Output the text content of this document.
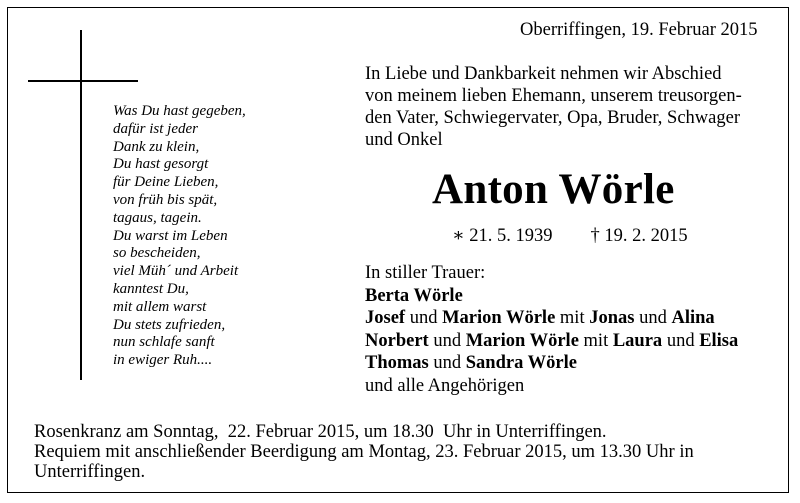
Was Du hast gegeben,
dafür ist jeder
Dank zu klein,
Du hast gesorgt
für Deine Lieben,
von früh bis spät,
tagaus, tagein.
Du warst im Leben
so bescheiden,
viel Müh´ und Arbeit
kanntest Du,
mit allem warst
Du stets zufrieden,
nun schlafe sanft
in ewiger Ruh....
Oberriffingen, 19. Februar 2015
In Liebe und Dankbarkeit nehmen wir Abschied
von meinem lieben Ehemann, unserem treusorgen-
den Vater, Schwiegervater, Opa, Bruder, Schwager
und Onkel
Anton Wörle
∗ 21. 5. 1939 † 19. 2. 2015
In stiller Trauer:
Berta Wörle
Josef und Marion Wörle mit Jonas und Alina
Norbert und Marion Wörle mit Laura und Elisa
Thomas und Sandra Wörle
und alle Angehörigen
Rosenkranz am Sonntag,  22. Februar 2015, um 18.30  Uhr in Unterriffingen.
Requiem mit anschließender Beerdigung am Montag, 23. Februar 2015, um 13.30 Uhr in
Unterriffingen.
